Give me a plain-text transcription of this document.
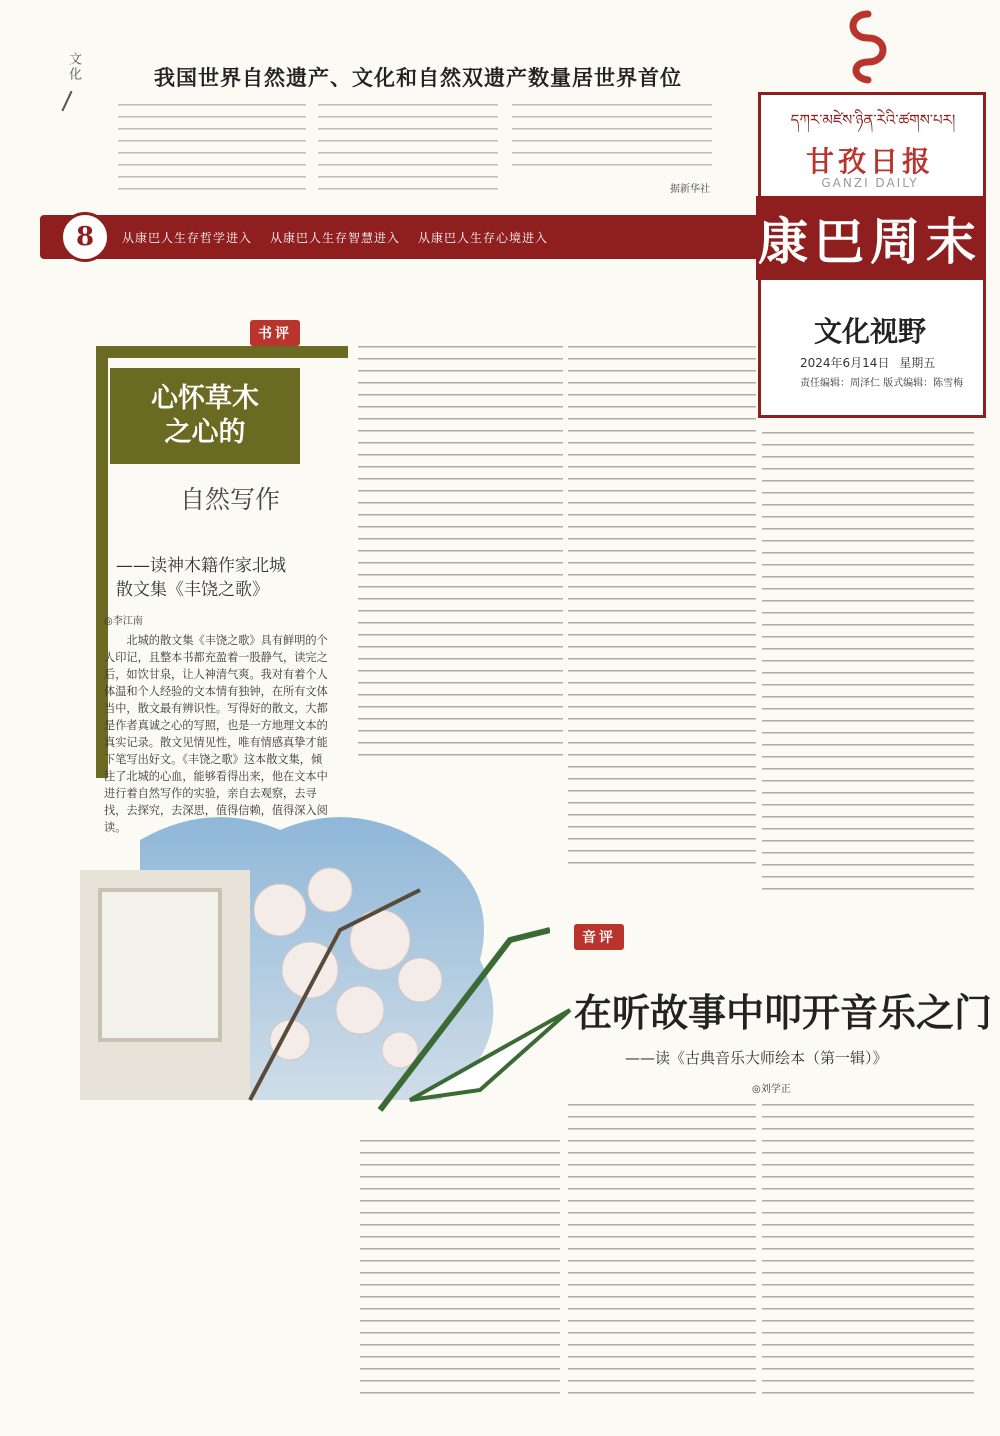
文化	我国世界自然遗产、文化和自然双遗产数量居世界首位
据新华社
8 从康巴人生存哲学进入 从康巴人生存智慧进入 从康巴人生存心境进入
དཀར་མཛེས་ཉིན་རེའི་ཚགས་པར།
甘孜日报
GANZI DAILY
康巴周末
文化视野
2024年6月14日 星期五
责任编辑：周泽仁 版式编辑：陈雪梅
书评
心怀草木
之心的
自然写作
——读神木籍作家北城
散文集《丰饶之歌》
◎李江南
北城的散文集《丰饶之歌》具有鲜明的个人印记，且整本书都充盈着一股静气，读完之后，如饮甘泉，让人神清气爽。我对有着个人体温和个人经验的文本情有独钟，在所有文体当中，散文最有辨识性。写得好的散文，大都是作者真诚之心的写照，也是一方地理文本的真实记录。散文见情见性，唯有情感真挚才能下笔写出好文。《丰饶之歌》这本散文集，倾注了北城的心血，能够看得出来，他在文本中进行着自然写作的实验，亲自去观察，去寻找，去探究，去深思，值得信赖，值得深入阅读。
音评
在听故事中叩开音乐之门
——读《古典音乐大师绘本（第一辑）》
◎刘学正
